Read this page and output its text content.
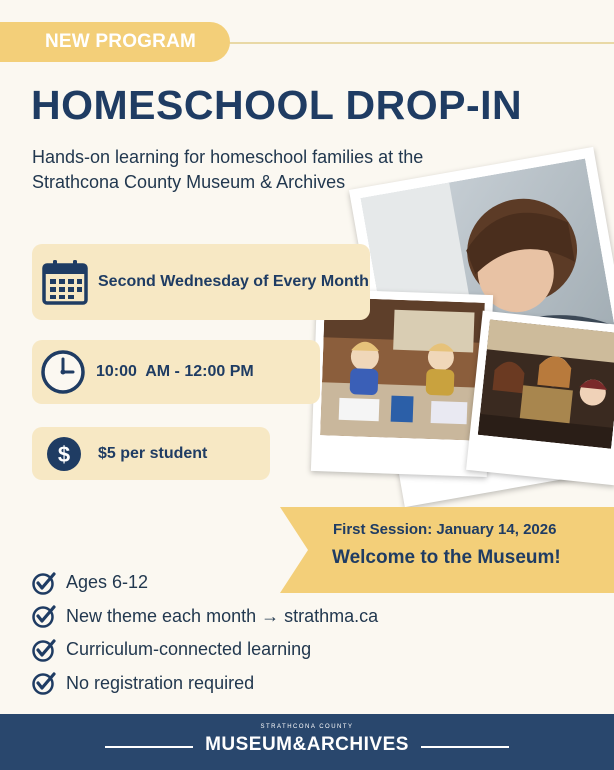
NEW PROGRAM
HOMESCHOOL DROP-IN
Hands-on learning for homeschool families at the
Strathcona County Museum & Archives
Second Wednesday of Every Month
10:00  AM - 12:00 PM
$ $5 per student
First Session: January 14, 2026
Welcome to the Museum!
Ages 6-12
New theme each month → strathma.ca
Curriculum-connected learning
No registration required
STRATHCONA COUNTY
MUSEUM&ARCHIVES
